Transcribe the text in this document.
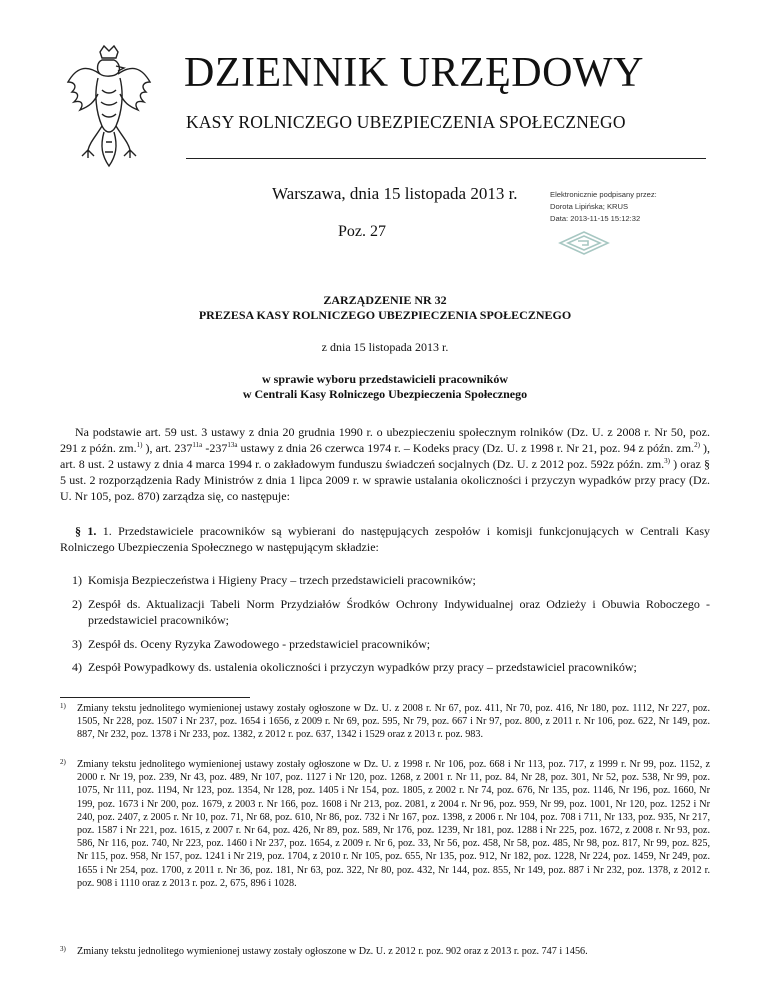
DZIENNIK URZĘDOWY
KASY ROLNICZEGO UBEZPIECZENIA SPOŁECZNEGO
Warszawa, dnia 15 listopada 2013 r.
Poz. 27
Elektronicznie podpisany przez:
Dorota Lipińska; KRUS
Data: 2013-11-15 15:12:32
ZARZĄDZENIE NR 32
PREZESA KASY ROLNICZEGO UBEZPIECZENIA SPOŁECZNEGO
z dnia 15 listopada 2013 r.
w sprawie wyboru przedstawicieli pracowników
w Centrali Kasy Rolniczego Ubezpieczenia Społecznego

Na podstawie art. 59 ust. 3 ustawy z dnia 20 grudnia 1990 r. o ubezpieczeniu społecznym rolników (Dz. U. z 2008 r. Nr 50, poz. 291 z późn. zm.$^{1)}$ ), art. $237^{11a}$ $-237^{13a}$ ustawy z dnia 26 czerwca 1974 r. – Kodeks pracy (Dz. U. z 1998 r. Nr 21, poz. 94 z późn. zm.$^{2)}$ ), art. 8 ust. 2 ustawy z dnia 4 marca 1994 r. o zakładowym funduszu świadczeń socjalnych (Dz. U. z 2012 poz. 592z późn. zm.$^{3)}$ ) oraz § 5 ust. 2 rozporządzenia Rady Ministrów z dnia 1 lipca 2009 r. w sprawie ustalania okoliczności i przyczyn wypadków przy pracy (Dz. U. Nr 105, poz. 870) zarządza się, co następuje:

§ 1. 1. Przedstawiciele pracowników są wybierani do następujących zespołów i komisji funkcjonujących w Centrali Kasy Rolniczego Ubezpieczenia Społecznego w następującym składzie:

1) Komisja Bezpieczeństwa i Higieny Pracy – trzech przedstawicieli pracowników;
2) Zespół ds. Aktualizacji Tabeli Norm Przydziałów Środków Ochrony Indywidualnej oraz Odzieży i Obuwia Roboczego - przedstawiciel pracowników;
3) Zespół ds. Oceny Ryzyka Zawodowego - przedstawiciel pracowników;
4) Zespół Powypadkowy ds. ustalenia okoliczności i przyczyn wypadków przy pracy – przedstawiciel pracowników;
1)	Zmiany tekstu jednolitego wymienionej ustawy zostały ogłoszone w Dz. U. z 2008 r. Nr 67, poz. 411, Nr 70, poz. 416, Nr 180, poz. 1112, Nr 227, poz. 1505, Nr 228, poz. 1507 i Nr 237, poz. 1654 i 1656, z 2009 r. Nr 69, poz. 595, Nr 79, poz. 667 i Nr 97, poz. 800, z 2011 r. Nr 106, poz. 622, Nr 149, poz. 887, Nr 232, poz. 1378 i Nr 233, poz. 1382, z 2012 r. poz. 637, 1342 i 1529 oraz z 2013 r. poz. 983.
2)	Zmiany tekstu jednolitego wymienionej ustawy zostały ogłoszone w Dz. U. z 1998 r. Nr 106, poz. 668 i Nr 113, poz. 717, z 1999 r. Nr 99, poz. 1152, z 2000 r. Nr 19, poz. 239, Nr 43, poz. 489, Nr 107, poz. 1127 i Nr 120, poz. 1268, z 2001 r. Nr 11, poz. 84, Nr 28, poz. 301, Nr 52, poz. 538, Nr 99, poz. 1075, Nr 111, poz. 1194, Nr 123, poz. 1354, Nr 128, poz. 1405 i Nr 154, poz. 1805, z 2002 r. Nr 74, poz. 676, Nr 135, poz. 1146, Nr 196, poz. 1660, Nr 199, poz. 1673 i Nr 200, poz. 1679, z 2003 r. Nr 166, poz. 1608 i Nr 213, poz. 2081, z 2004 r. Nr 96, poz. 959, Nr 99, poz. 1001, Nr 120, poz. 1252 i Nr 240, poz. 2407, z 2005 r. Nr 10, poz. 71, Nr 68, poz. 610, Nr 86, poz. 732 i Nr 167, poz. 1398, z 2006 r. Nr 104, poz. 708 i 711, Nr 133, poz. 935, Nr 217, poz. 1587 i Nr 221, poz. 1615, z 2007 r. Nr 64, poz. 426, Nr 89, poz. 589, Nr 176, poz. 1239, Nr 181, poz. 1288 i Nr 225, poz. 1672, z 2008 r. Nr 93, poz. 586, Nr 116, poz. 740, Nr 223, poz. 1460 i Nr 237, poz. 1654, z 2009 r. Nr 6, poz. 33, Nr 56, poz. 458, Nr 58, poz. 485, Nr 98, poz. 817, Nr 99, poz. 825, Nr 115, poz. 958, Nr 157, poz. 1241 i Nr 219, poz. 1704, z 2010 r. Nr 105, poz. 655, Nr 135, poz. 912, Nr 182, poz. 1228, Nr 224, poz. 1459, Nr 249, poz. 1655 i Nr 254, poz. 1700, z 2011 r. Nr 36, poz. 181, Nr 63, poz. 322, Nr 80, poz. 432, Nr 144, poz. 855, Nr 149, poz. 887 i Nr 232, poz. 1378, z 2012 r. poz. 908 i 1110 oraz z 2013 r. poz. 2, 675, 896 i 1028.
3)	Zmiany tekstu jednolitego wymienionej ustawy zostały ogłoszone w Dz. U. z 2012 r. poz. 902 oraz z 2013 r. poz. 747 i 1456.
